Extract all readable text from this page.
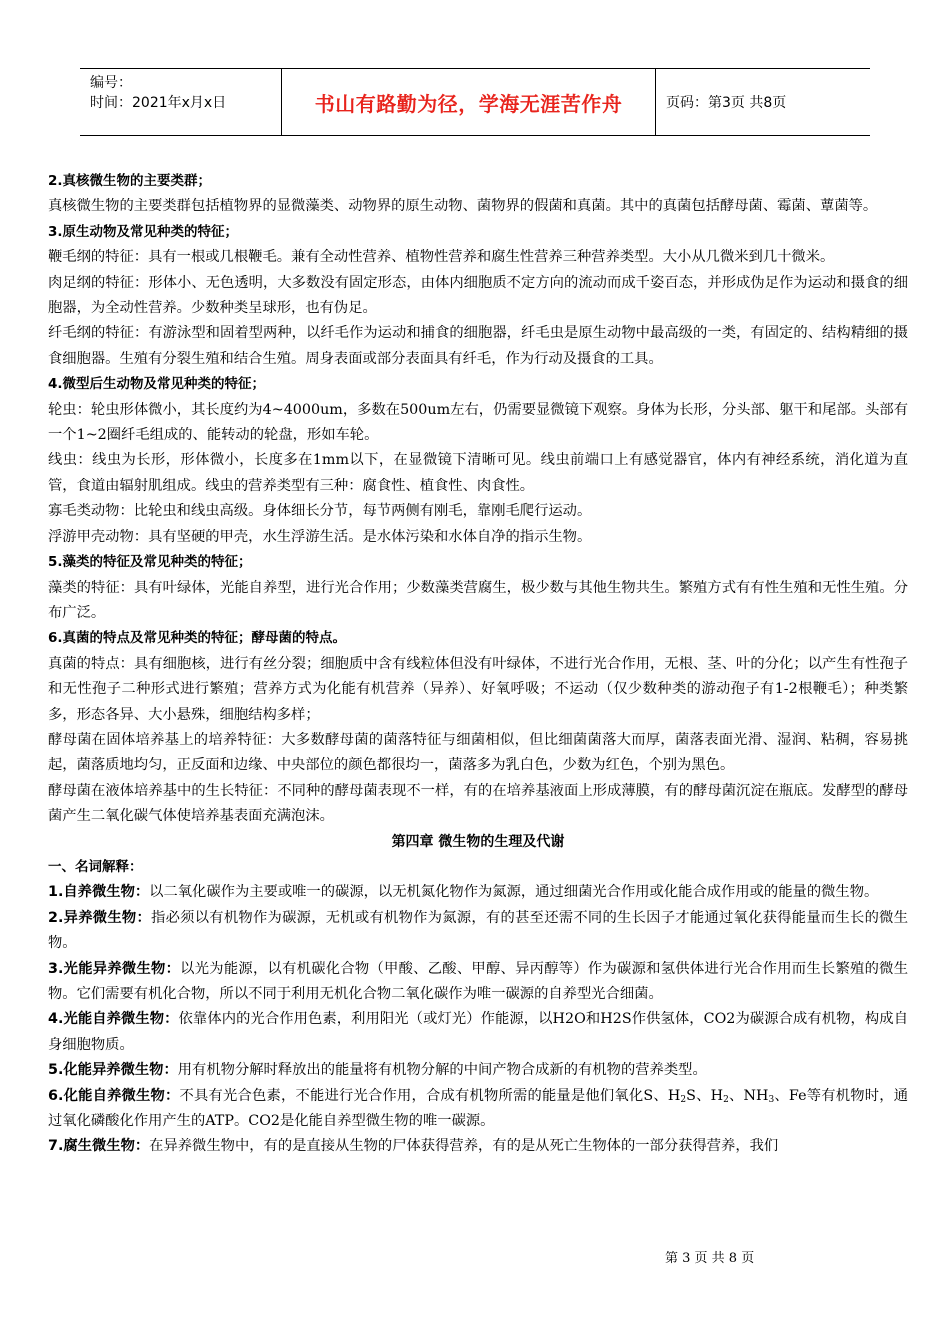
编号：
时间：2021年x月x日	书山有路勤为径，学海无涯苦作舟	页码：第3页 共8页

2.真核微生物的主要类群；

真核微生物的主要类群包括植物界的显微藻类、动物界的原生动物、菌物界的假菌和真菌。其中的真菌包括酵母菌、霉菌、蕈菌等。

3.原生动物及常见种类的特征；

鞭毛纲的特征：具有一根或几根鞭毛。兼有全动性营养、植物性营养和腐生性营养三种营养类型。大小从几微米到几十微米。

肉足纲的特征：形体小、无色透明，大多数没有固定形态，由体内细胞质不定方向的流动而成千姿百态，并形成伪足作为运动和摄食的细胞器，为全动性营养。少数种类呈球形，也有伪足。

纤毛纲的特征：有游泳型和固着型两种，以纤毛作为运动和捕食的细胞器，纤毛虫是原生动物中最高级的一类，有固定的、结构精细的摄食细胞器。生殖有分裂生殖和结合生殖。周身表面或部分表面具有纤毛，作为行动及摄食的工具。

4.微型后生动物及常见种类的特征；

轮虫：轮虫形体微小，其长度约为4~4000um，多数在500um左右，仍需要显微镜下观察。身体为长形，分头部、躯干和尾部。头部有一个1~2圈纤毛组成的、能转动的轮盘，形如车轮。

线虫：线虫为长形，形体微小，长度多在1mm以下，在显微镜下清晰可见。线虫前端口上有感觉器官，体内有神经系统，消化道为直管，食道由辐射肌组成。线虫的营养类型有三种：腐食性、植食性、肉食性。

寡毛类动物：比轮虫和线虫高级。身体细长分节，每节两侧有刚毛，靠刚毛爬行运动。

浮游甲壳动物：具有坚硬的甲壳，水生浮游生活。是水体污染和水体自净的指示生物。

5.藻类的特征及常见种类的特征；

藻类的特征：具有叶绿体，光能自养型，进行光合作用；少数藻类营腐生，极少数与其他生物共生。繁殖方式有有性生殖和无性生殖。分布广泛。

6.真菌的特点及常见种类的特征；酵母菌的特点。

真菌的特点：具有细胞核，进行有丝分裂；细胞质中含有线粒体但没有叶绿体，不进行光合作用，无根、茎、叶的分化；以产生有性孢子和无性孢子二种形式进行繁殖；营养方式为化能有机营养（异养）、好氧呼吸；不运动（仅少数种类的游动孢子有1-2根鞭毛）；种类繁多，形态各异、大小悬殊，细胞结构多样；

酵母菌在固体培养基上的培养特征：大多数酵母菌的菌落特征与细菌相似，但比细菌菌落大而厚，菌落表面光滑、湿润、粘稠，容易挑起，菌落质地均匀，正反面和边缘、中央部位的颜色都很均一，菌落多为乳白色，少数为红色，个别为黑色。

酵母菌在液体培养基中的生长特征：不同种的酵母菌表现不一样，有的在培养基液面上形成薄膜，有的酵母菌沉淀在瓶底。发酵型的酵母菌产生二氧化碳气体使培养基表面充满泡沫。

第四章 微生物的生理及代谢

一、名词解释：

1.自养微生物：以二氧化碳作为主要或唯一的碳源，以无机氮化物作为氮源，通过细菌光合作用或化能合成作用或的能量的微生物。

2.异养微生物：指必须以有机物作为碳源，无机或有机物作为氮源，有的甚至还需不同的生长因子才能通过氧化获得能量而生长的微生物。

3.光能异养微生物：以光为能源，以有机碳化合物（甲酸、乙酸、甲醇、异丙醇等）作为碳源和氢供体进行光合作用而生长繁殖的微生物。它们需要有机化合物，所以不同于利用无机化合物二氧化碳作为唯一碳源的自养型光合细菌。

4.光能自养微生物：依靠体内的光合作用色素，利用阳光（或灯光）作能源，以H2O和H2S作供氢体，CO2为碳源合成有机物，构成自身细胞物质。

5.化能异养微生物：用有机物分解时释放出的能量将有机物分解的中间产物合成新的有机物的营养类型。

6.化能自养微生物：不具有光合色素，不能进行光合作用，合成有机物所需的能量是他们氧化S、$H_2S$、$H_2$、$NH_3$、Fe等有机物时，通过氧化磷酸化作用产生的ATP。CO2是化能自养型微生物的唯一碳源。

7.腐生微生物：在异养微生物中，有的是直接从生物的尸体获得营养，有的是从死亡生物体的一部分获得营养，我们

第 3 页 共 8 页
